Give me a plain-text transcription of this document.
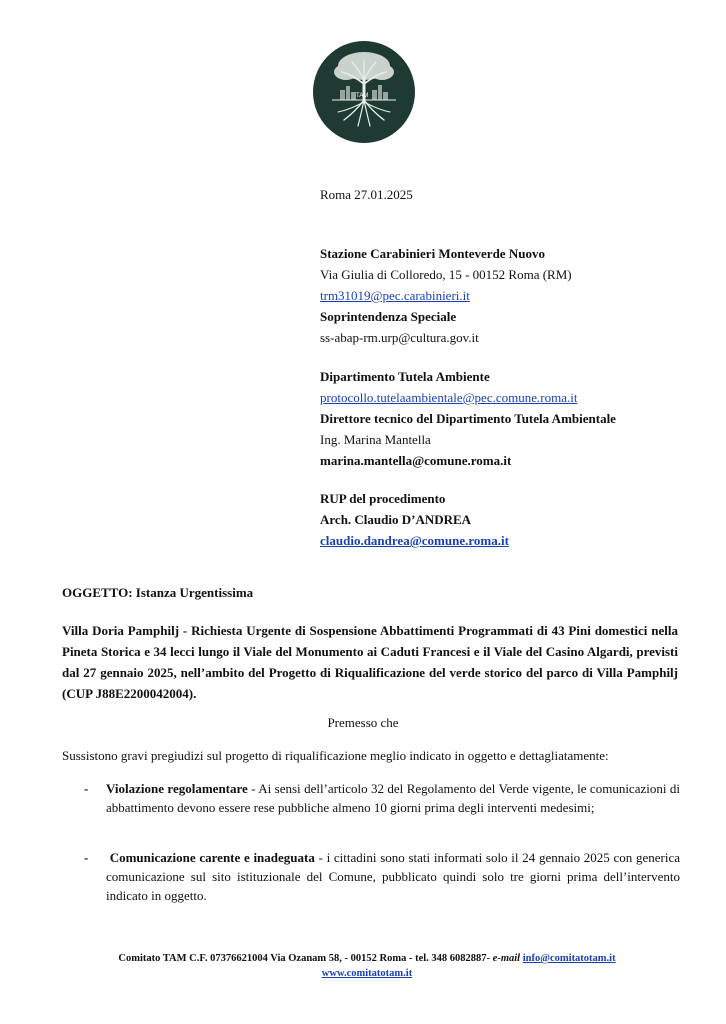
TAM
Roma 27.01.2025
Stazione Carabinieri Monteverde Nuovo
Via Giulia di Colloredo, 15 - 00152 Roma (RM)
trm31019@pec.carabinieri.it
Soprintendenza Speciale
ss-abap-rm.urp@cultura.gov.it
Dipartimento Tutela Ambiente
protocollo.tutelaambientale@pec.comune.roma.it
Direttore tecnico del Dipartimento Tutela Ambientale
Ing. Marina Mantella
marina.mantella@comune.roma.it
RUP del procedimento
Arch. Claudio D’ANDREA
claudio.dandrea@comune.roma.it
OGGETTO: Istanza Urgentissima
Villa Doria Pamphilj - Richiesta Urgente di Sospensione Abbattimenti Programmati di 43 Pini domestici nella Pineta Storica e 34 lecci lungo il Viale del Monumento ai Caduti Francesi e il Viale del Casino Algardi, previsti dal 27 gennaio 2025, nell’ambito del Progetto di Riqualificazione del verde storico del parco di Villa Pamphilj (CUP J88E2200042004).
Premesso che
Sussistono gravi pregiudizi sul progetto di riqualificazione meglio indicato in oggetto e dettagliatamente:
- Violazione regolamentare - Ai sensi dell’articolo 32 del Regolamento del Verde vigente, le comunicazioni di abbattimento devono essere rese pubbliche almeno 10 giorni prima degli interventi medesimi;
- Comunicazione carente e inadeguata - i cittadini sono stati informati solo il 24 gennaio 2025 con generica comunicazione sul sito istituzionale del Comune, pubblicato quindi solo tre giorni prima dell’intervento indicato in oggetto.
Comitato TAM C.F. 07376621004 Via Ozanam 58, - 00152 Roma - tel. 348 6082887- e-mail info@comitatotam.it
www.comitatotam.it
